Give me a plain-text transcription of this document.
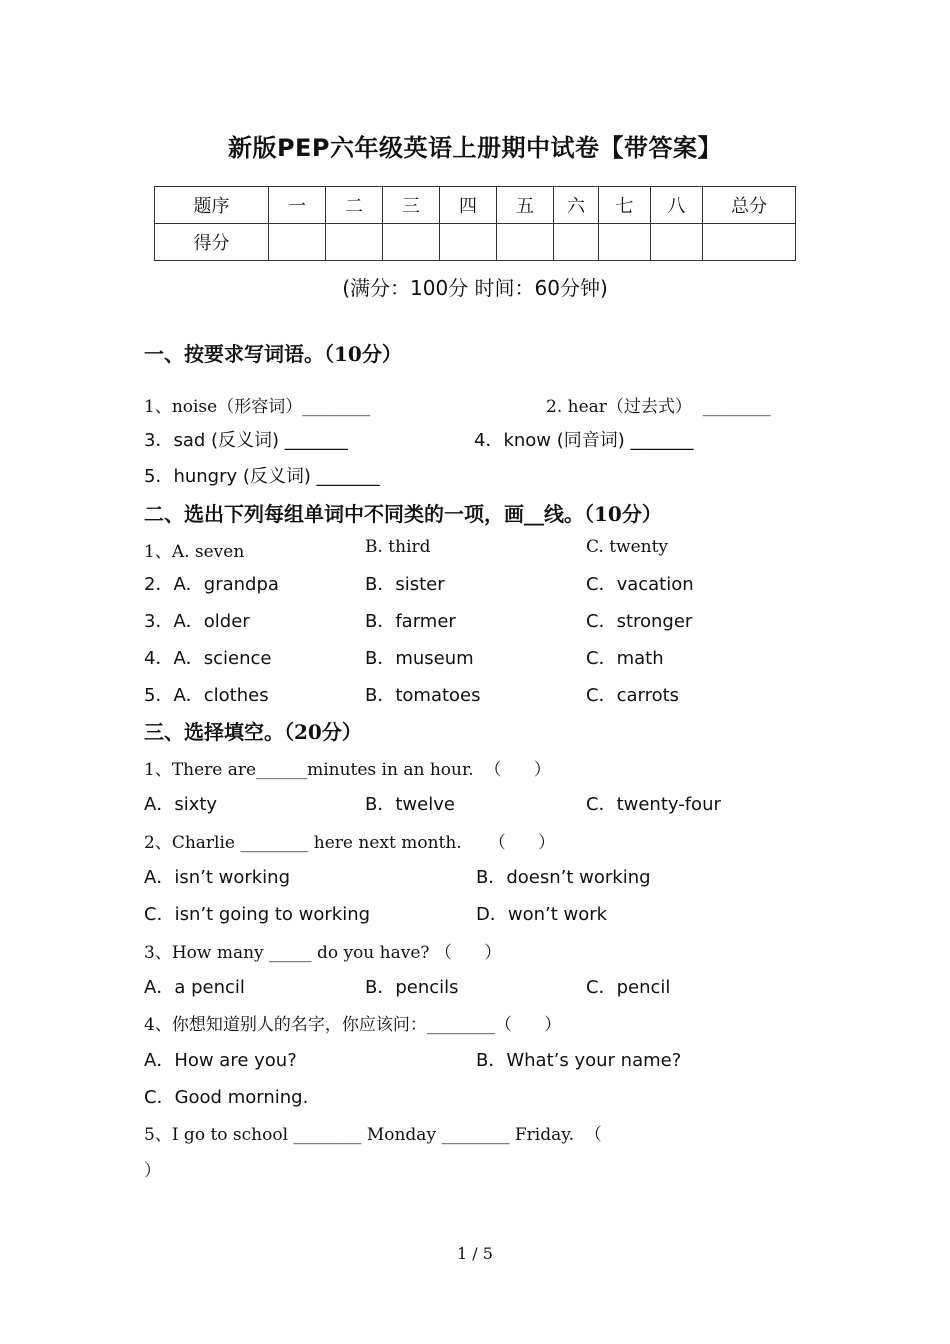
新版PEP六年级英语上册期中试卷【带答案】
题序	一	二	三	四	五	六	七	八	总分
得分									
(满分：100分 时间：60分钟)
一、按要求写词语。（10分）
1、noise（形容词）________	2. hear（过去式）  ________
3．sad (反义词) _______	4．know (同音词) _______
5．hungry (反义词) _______
二、选出下列每组单词中不同类的一项，画__线。（10分）
1、A. seven	B. third	C. twenty
2．A．grandpa	B．sister	C．vacation
3．A．older	B．farmer	C．stronger
4．A．science	B．museum	C．math
5．A．clothes	B．tomatoes	C．carrots
三、选择填空。（20分）
1、There are______minutes in an hour.  （      ）
A．sixty	B．twelve	C．twenty-four
2、Charlie ________ here next month.     （      ）
A．isn’t working	B．doesn’t working
C．isn’t going to working	D．won’t work
3、How many _____ do you have? （      ）
A．a pencil	B．pencils	C．pencil
4、你想知道别人的名字，你应该问：________（      ）
A．How are you?	B．What’s your name?
C．Good morning.
5、I go to school ________ Monday ________ Friday.  （
）
1 / 5
